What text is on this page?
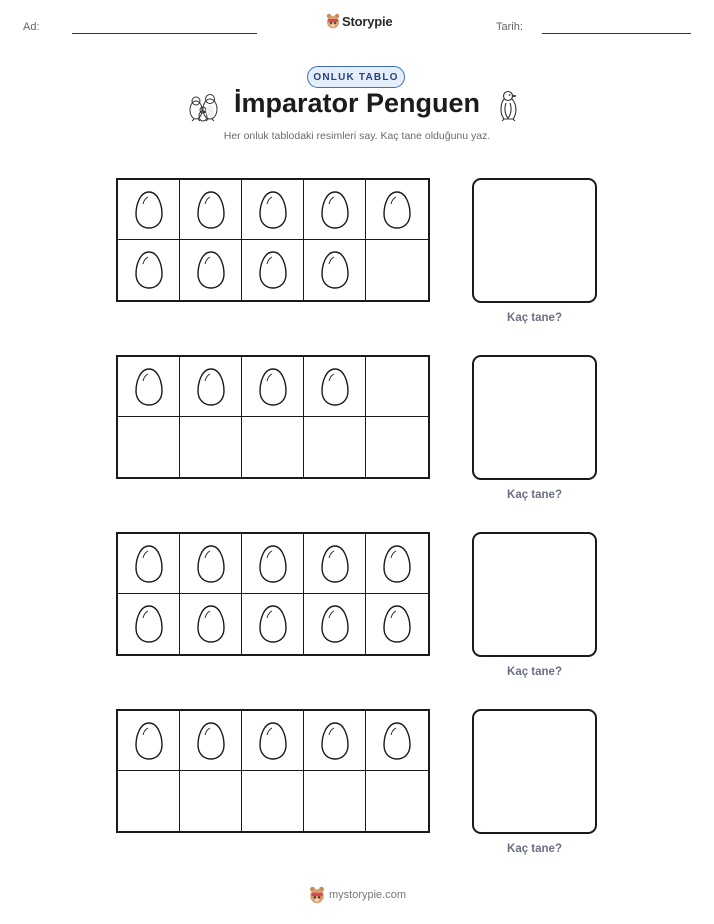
Ad:	Storypie	Tarih:
ONLUK TABLO
İmparator Penguen
Her onluk tablodaki resimleri say. Kaç tane olduğunu yaz.
Kaç tane?
Kaç tane?
Kaç tane?
Kaç tane?
mystorypie.com
